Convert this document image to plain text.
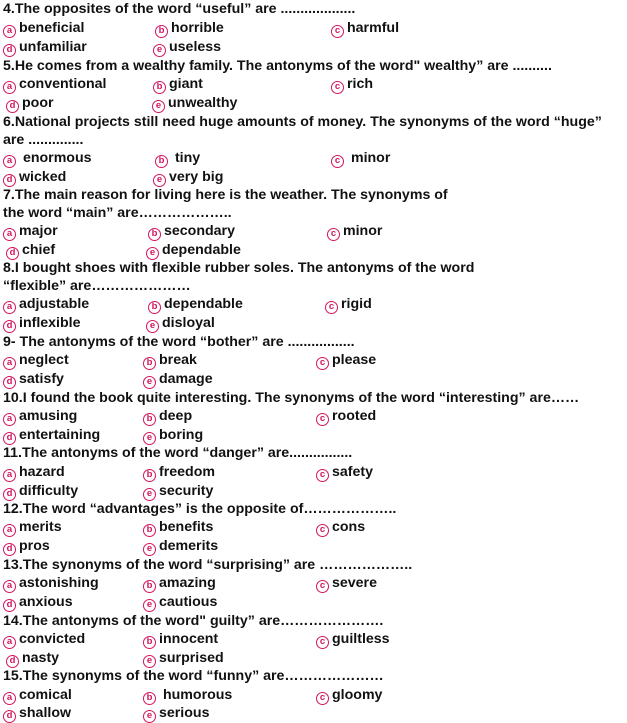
4.The opposites of the word “useful” are ...................
a beneficial	b horrible	c harmful
d unfamiliar	e useless
5.He comes from a wealthy family. The antonyms of the word" wealthy” are ..........
a conventional	b giant	c rich
d poor	e unwealthy
6.National projects still need huge amounts of money. The synonyms of the word “huge”
are ..............
a enormous	b tiny	c minor
d wicked	e very big
7.The main reason for living here is the weather. The synonyms of
the word “main” are………………..
a major	b secondary	c minor
d chief	e dependable
8.I bought shoes with flexible rubber soles. The antonyms of the word
“flexible” are…………………
a adjustable	b dependable	c rigid
d inflexible	e disloyal
9- The antonyms of the word “bother” are .................
a neglect	b break	c please
d satisfy	e damage
10.I found the book quite interesting. The synonyms of the word “interesting” are……
a amusing	b deep	c rooted
d entertaining	e boring
11.The antonyms of the word “danger” are................
a hazard	b freedom	c safety
d difficulty	e security
12.The word “advantages” is the opposite of………………..
a merits	b benefits	c cons
d pros	e demerits
13.The synonyms of the word “surprising” are ………………..
a astonishing	b amazing	c severe
d anxious	e cautious
14.The antonyms of the word" guilty” are………………….
a convicted	b innocent	c guiltless
d nasty	e surprised
15.The synonyms of the word “funny” are…………………
a comical	b humorous	c gloomy
d shallow	e serious
